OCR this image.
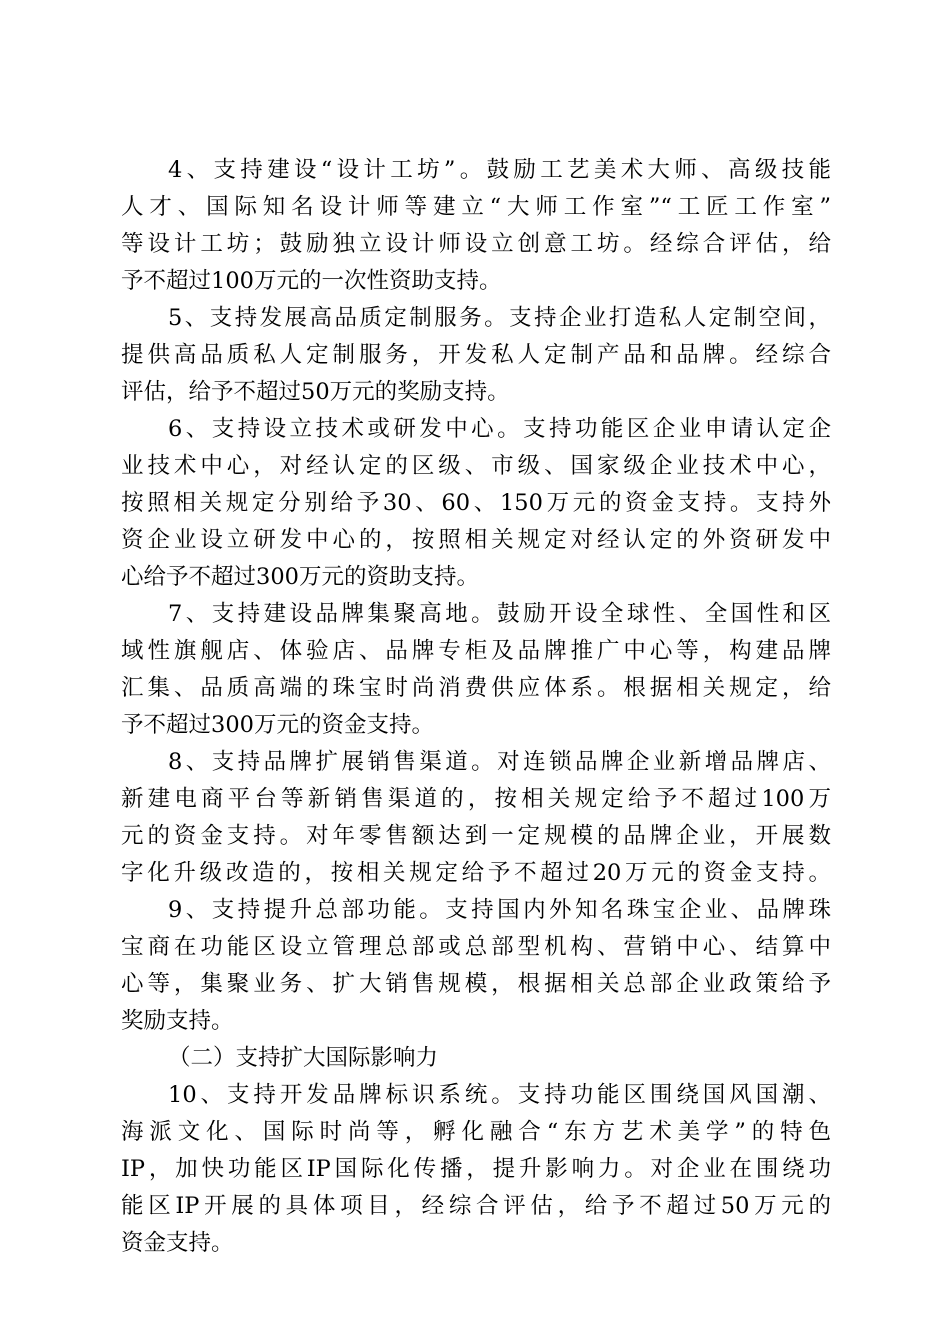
4、支持建设“设计工坊”。鼓励工艺美术大师、高级技能
人才、国际知名设计师等建立“大师工作室”“工匠工作室”
等设计工坊；鼓励独立设计师设立创意工坊。经综合评估，给
予不超过100万元的一次性资助支持。
5、支持发展高品质定制服务。支持企业打造私人定制空间，
提供高品质私人定制服务，开发私人定制产品和品牌。经综合
评估，给予不超过50万元的奖励支持。
6、支持设立技术或研发中心。支持功能区企业申请认定企
业技术中心，对经认定的区级、市级、国家级企业技术中心，
按照相关规定分别给予30、60、150万元的资金支持。支持外
资企业设立研发中心的，按照相关规定对经认定的外资研发中
心给予不超过300万元的资助支持。
7、支持建设品牌集聚高地。鼓励开设全球性、全国性和区
域性旗舰店、体验店、品牌专柜及品牌推广中心等，构建品牌
汇集、品质高端的珠宝时尚消费供应体系。根据相关规定，给
予不超过300万元的资金支持。
8、支持品牌扩展销售渠道。对连锁品牌企业新增品牌店、
新建电商平台等新销售渠道的，按相关规定给予不超过100万
元的资金支持。对年零售额达到一定规模的品牌企业，开展数
字化升级改造的，按相关规定给予不超过20万元的资金支持。
9、支持提升总部功能。支持国内外知名珠宝企业、品牌珠
宝商在功能区设立管理总部或总部型机构、营销中心、结算中
心等，集聚业务、扩大销售规模，根据相关总部企业政策给予
奖励支持。
（二）支持扩大国际影响力
10、支持开发品牌标识系统。支持功能区围绕国风国潮、
海派文化、国际时尚等，孵化融合“东方艺术美学”的特色
IP，加快功能区IP国际化传播，提升影响力。对企业在围绕功
能区IP开展的具体项目，经综合评估，给予不超过50万元的
资金支持。
